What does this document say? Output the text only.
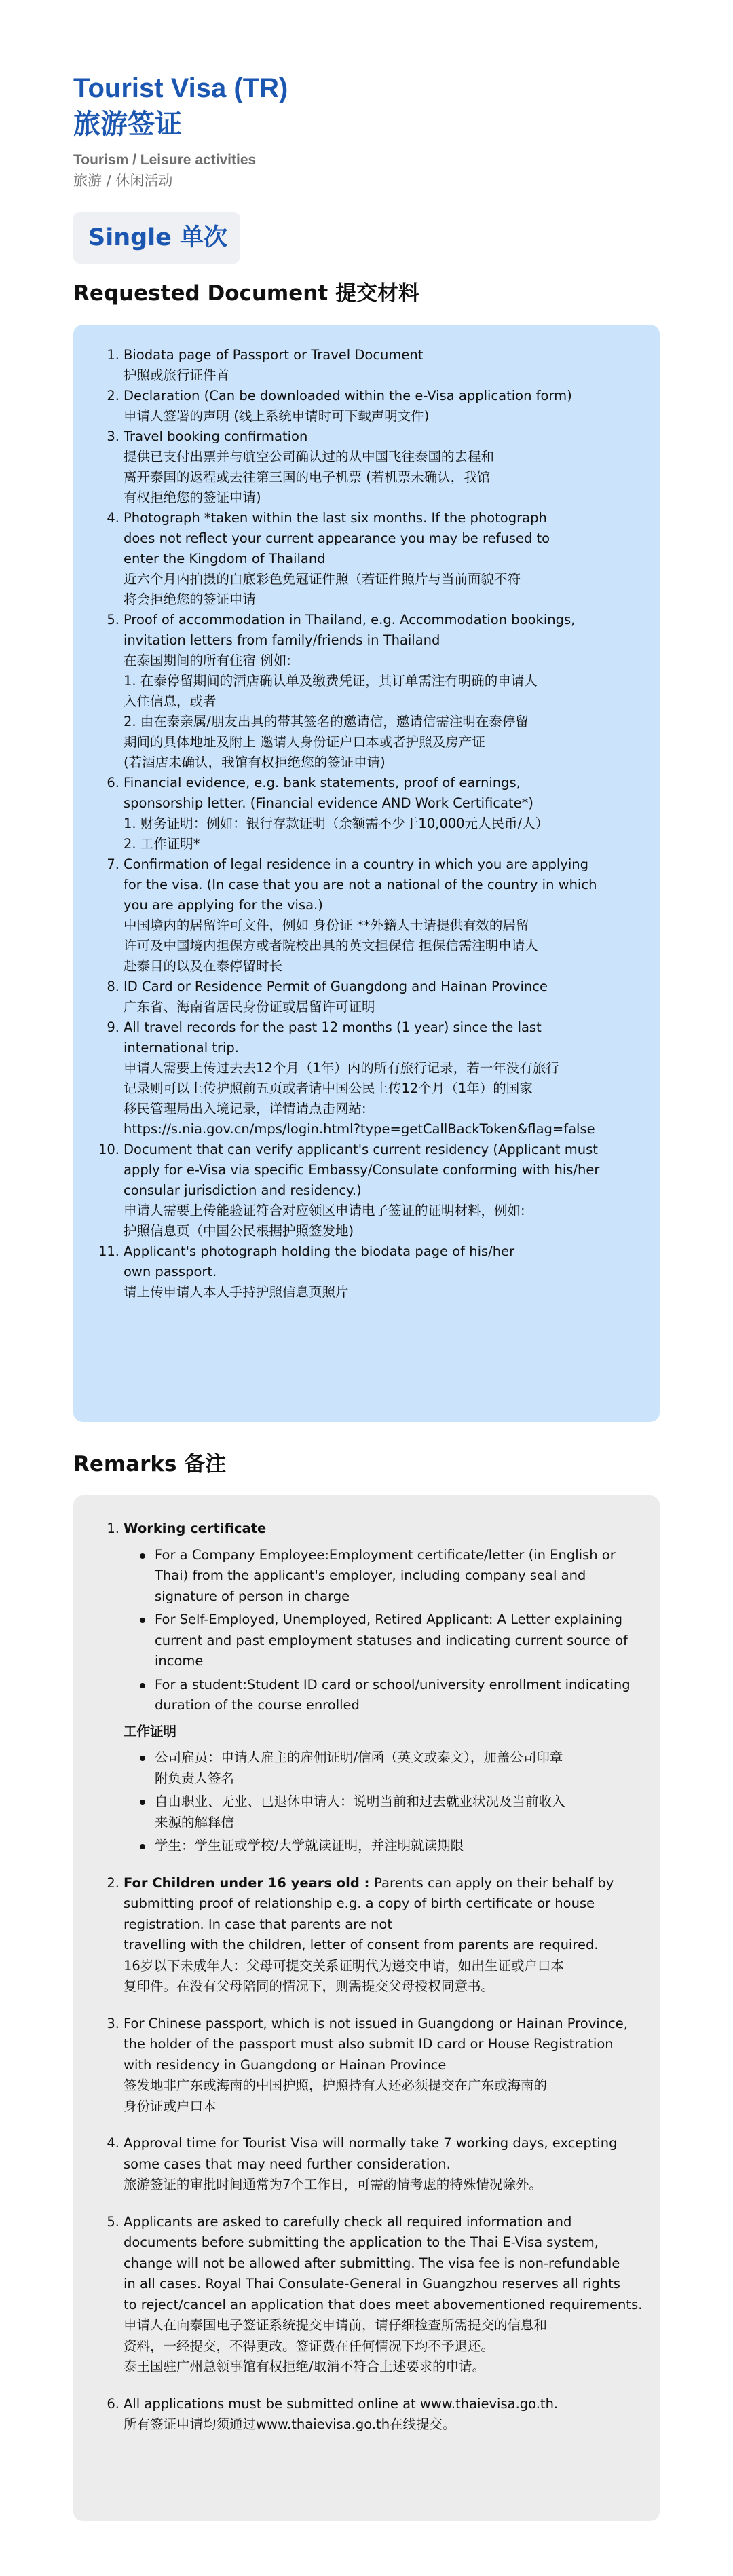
Tourist Visa (TR)
旅游签证
Tourism / Leisure activities
旅游 / 休闲活动
Single 单次
Requested Document 提交材料
1. Biodata page of Passport or Travel Document
护照或旅行证件首
2. Declaration (Can be downloaded within the e-Visa application form)
申请人签署的声明 (线上系统申请时可下载声明文件)
3. Travel booking confirmation
提供已支付出票并与航空公司确认过的从中国飞往泰国的去程和
离开泰国的返程或去往第三国的电子机票 (若机票未确认，我馆
有权拒绝您的签证申请)
4. Photograph *taken within the last six months. If the photograph
does not reflect your current appearance you may be refused to
enter the Kingdom of Thailand
近六个月内拍摄的白底彩色免冠证件照（若证件照片与当前面貌不符
将会拒绝您的签证申请
5. Proof of accommodation in Thailand, e.g. Accommodation bookings,
invitation letters from family/friends in Thailand
在泰国期间的所有住宿 例如:
1. 在泰停留期间的酒店确认单及缴费凭证，其订单需注有明确的申请人
入住信息，或者
2. 由在泰亲属/朋友出具的带其签名的邀请信，邀请信需注明在泰停留
期间的具体地址及附上 邀请人身份证户口本或者护照及房产证
(若酒店未确认，我馆有权拒绝您的签证申请)
6. Financial evidence, e.g. bank statements, proof of earnings,
sponsorship letter. (Financial evidence AND Work Certificate*)
1. 财务证明：例如：银行存款证明（余额需不少于10,000元人民币/人）
2. 工作证明*
7. Confirmation of legal residence in a country in which you are applying
for the visa. (In case that you are not a national of the country in which
you are applying for the visa.)
中国境内的居留许可文件，例如 身份证 **外籍人士请提供有效的居留
许可及中国境内担保方或者院校出具的英文担保信 担保信需注明申请人
赴泰目的以及在泰停留时长
8. ID Card or Residence Permit of Guangdong and Hainan Province
广东省、海南省居民身份证或居留许可证明
9. All travel records for the past 12 months (1 year) since the last
international trip.
申请人需要上传过去去12个月（1年）内的所有旅行记录，若一年没有旅行
记录则可以上传护照前五页或者请中国公民上传12个月（1年）的国家
移民管理局出入境记录，详情请点击网站:
https://s.nia.gov.cn/mps/login.html?type=getCallBackToken&flag=false
10. Document that can verify applicant's current residency (Applicant must
apply for e-Visa via specific Embassy/Consulate conforming with his/her
consular jurisdiction and residency.)
申请人需要上传能验证符合对应领区申请电子签证的证明材料，例如:
护照信息页（中国公民根据护照签发地)
11. Applicant's photograph holding the biodata page of his/her
own passport.
请上传申请人本人手持护照信息页照片
Remarks 备注
1. Working certificate
For a Company Employee:Employment certificate/letter (in English or
Thai) from the applicant's employer, including company seal and
signature of person in charge
For Self-Employed, Unemployed, Retired Applicant: A Letter explaining
current and past employment statuses and indicating current source of
income
For a student:Student ID card or school/university enrollment indicating
duration of the course enrolled
工作证明
公司雇员：申请人雇主的雇佣证明/信函（英文或泰文），加盖公司印章
附负责人签名
自由职业、无业、已退休申请人：说明当前和过去就业状况及当前收入
来源的解释信
学生：学生证或学校/大学就读证明，并注明就读期限
2. For Children under 16 years old : Parents can apply on their behalf by
submitting proof of relationship e.g. a copy of birth certificate or house
registration. In case that parents are not
travelling with the children, letter of consent from parents are required.
16岁以下未成年人：父母可提交关系证明代为递交申请，如出生证或户口本
复印件。在没有父母陪同的情况下，则需提交父母授权同意书。
3. For Chinese passport, which is not issued in Guangdong or Hainan Province,
the holder of the passport must also submit ID card or House Registration
with residency in Guangdong or Hainan Province
签发地非广东或海南的中国护照，护照持有人还必须提交在广东或海南的
身份证或户口本
4. Approval time for Tourist Visa will normally take 7 working days, excepting
some cases that may need further consideration.
旅游签证的审批时间通常为7个工作日，可需酌情考虑的特殊情况除外。
5. Applicants are asked to carefully check all required information and
documents before submitting the application to the Thai E-Visa system,
change will not be allowed after submitting. The visa fee is non-refundable
in all cases. Royal Thai Consulate-General in Guangzhou reserves all rights
to reject/cancel an application that does meet abovementioned requirements.
申请人在向泰国电子签证系统提交申请前，请仔细检查所需提交的信息和
资料，一经提交，不得更改。签证费在任何情况下均不予退还。
泰王国驻广州总领事馆有权拒绝/取消不符合上述要求的申请。
6. All applications must be submitted online at www.thaievisa.go.th.
所有签证申请均须通过www.thaievisa.go.th在线提交。
